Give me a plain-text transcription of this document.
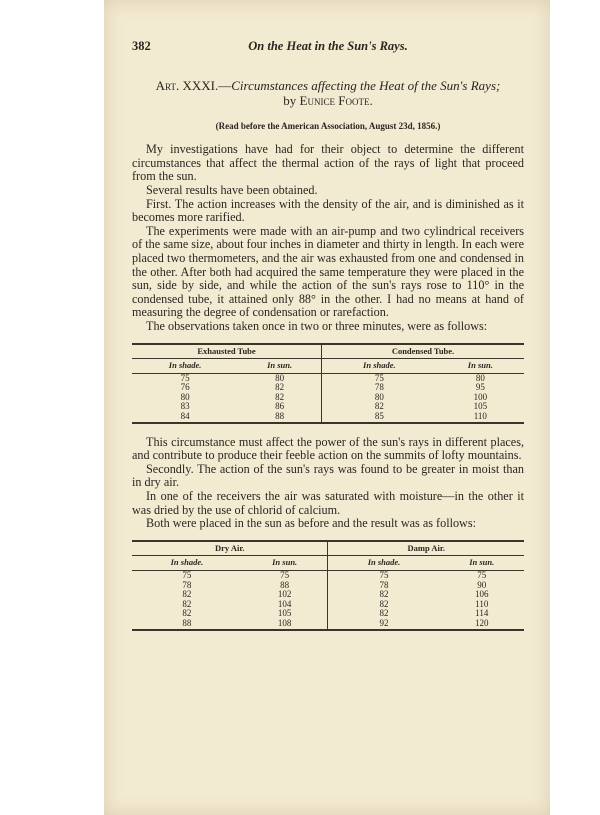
382	On the Heat in the Sun's Rays.
Art. XXXI.—Circumstances affecting the Heat of the Sun's Rays;
by Eunice Foote.
(Read before the American Association, August 23d, 1856.)

My investigations have had for their object to determine the different circumstances that affect the thermal action of the rays of light that proceed from the sun.

Several results have been obtained.

First. The action increases with the density of the air, and is diminished as it becomes more rarified.

The experiments were made with an air-pump and two cylindrical receivers of the same size, about four inches in diameter and thirty in length. In each were placed two thermometers, and the air was exhausted from one and condensed in the other. After both had acquired the same temperature they were placed in the sun, side by side, and while the action of the sun's rays rose to 110° in the condensed tube, it attained only 88° in the other. I had no means at hand of measuring the degree of condensation or rarefaction.

The observations taken once in two or three minutes, were as follows:

Exhausted Tube		Condensed Tube.	
In shade.	In sun.	In shade.	In sun.
75	80	75	80
76	82	78	95
80	82	80	100
83	86	82	105
84	88	85	110

This circumstance must affect the power of the sun's rays in different places, and contribute to produce their feeble action on the summits of lofty mountains.

Secondly. The action of the sun's rays was found to be greater in moist than in dry air.

In one of the receivers the air was saturated with moisture—in the other it was dried by the use of chlorid of calcium.

Both were placed in the sun as before and the result was as follows:

Dry Air.		Damp Air.	
In shade.	In sun.	In shade.	In sun.
75	75	75	75
78	88	78	90
82	102	82	106
82	104	82	110
82	105	82	114
88	108	92	120
